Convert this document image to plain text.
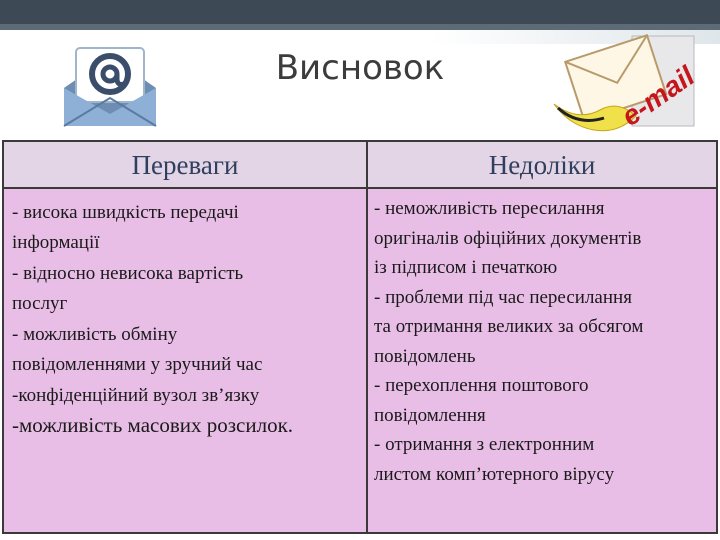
Висновок	e-mail
Переваги	Недоліки
- висока швидкість передачі
інформації
- відносно невисока вартість
послуг
- можливість обміну
повідомленнями у зручний час
-конфіденційний вузол зв’язку
-можливість масових розсилок.
- неможливість пересилання
оригіналів офіційних документів
із підписом і печаткою
- проблеми під час пересилання
та отримання великих за обсягом
повідомлень
- перехоплення поштового
повідомлення
- отримання з електронним
листом комп’ютерного вірусу
